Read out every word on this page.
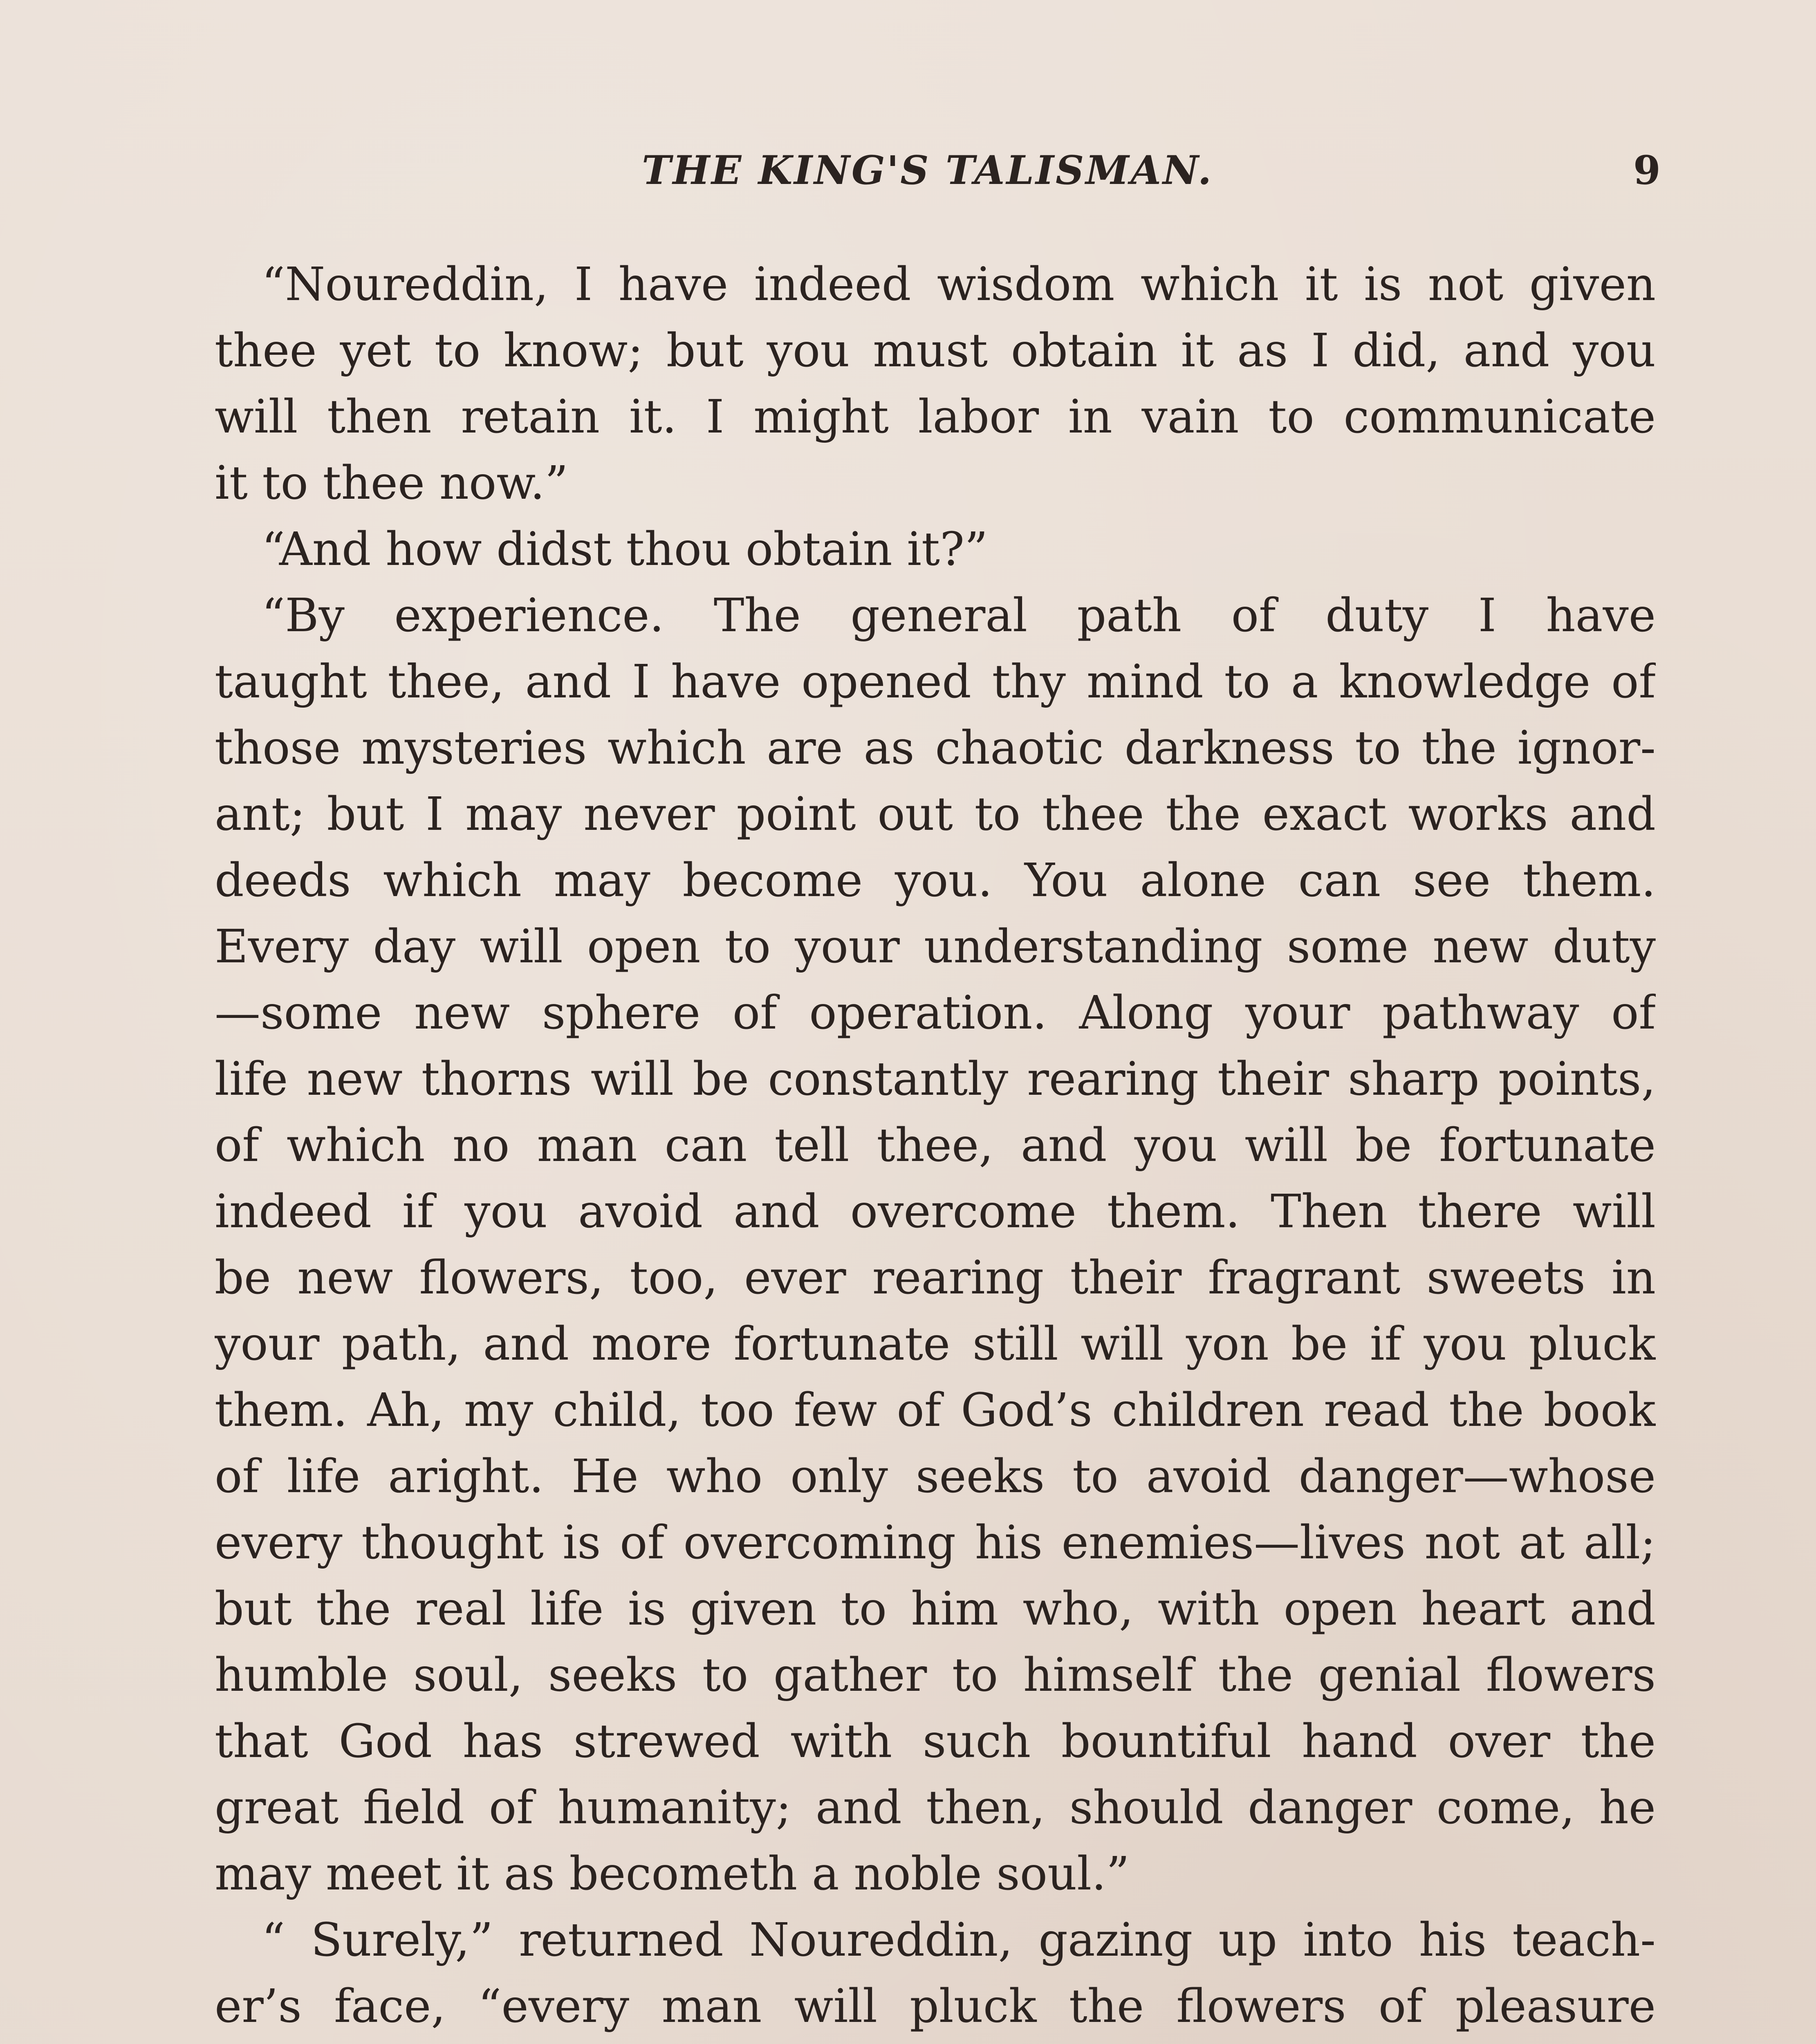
THE KING'S TALISMAN.	9
“Noureddin, I have indeed wisdom which it is not given
thee yet to know; but you must obtain it as I did, and you
will then retain it. I might labor in vain to communicate
it to thee now.”
“And how didst thou obtain it?”
“By experience. The general path of duty I have
taught thee, and I have opened thy mind to a knowledge of
those mysteries which are as chaotic darkness to the ignor-
ant; but I may never point out to thee the exact works and
deeds which may become you. You alone can see them.
Every day will open to your understanding some new duty
—some new sphere of operation. Along your pathway of
life new thorns will be constantly rearing their sharp points,
of which no man can tell thee, and you will be fortunate
indeed if you avoid and overcome them. Then there will
be new flowers, too, ever rearing their fragrant sweets in
your path, and more fortunate still will yon be if you pluck
them. Ah, my child, too few of God’s children read the book
of life aright. He who only seeks to avoid danger—whose
every thought is of overcoming his enemies—lives not at all;
but the real life is given to him who, with open heart and
humble soul, seeks to gather to himself the genial flowers
that God has strewed with such bountiful hand over the
great field of humanity; and then, should danger come, he
may meet it as becometh a noble soul.”
“ Surely,” returned Noureddin, gazing up into his teach-
er’s face, “every man will pluck the flowers of pleasure
